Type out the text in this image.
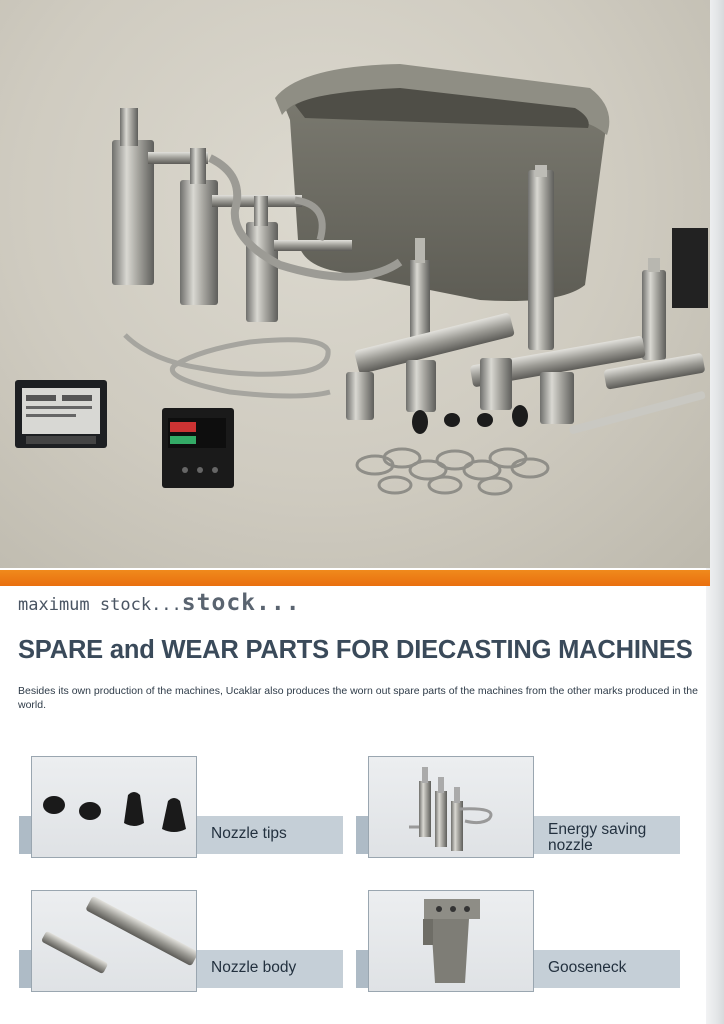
maximum stock...stock...
SPARE and WEAR PARTS FOR DIECASTING MACHINES

Besides its own production of the machines, Ucaklar also produces the worn out spare parts of the machines from the other marks produced in the world.

Nozzle tips	Energy saving nozzle
Nozzle body	Gooseneck
